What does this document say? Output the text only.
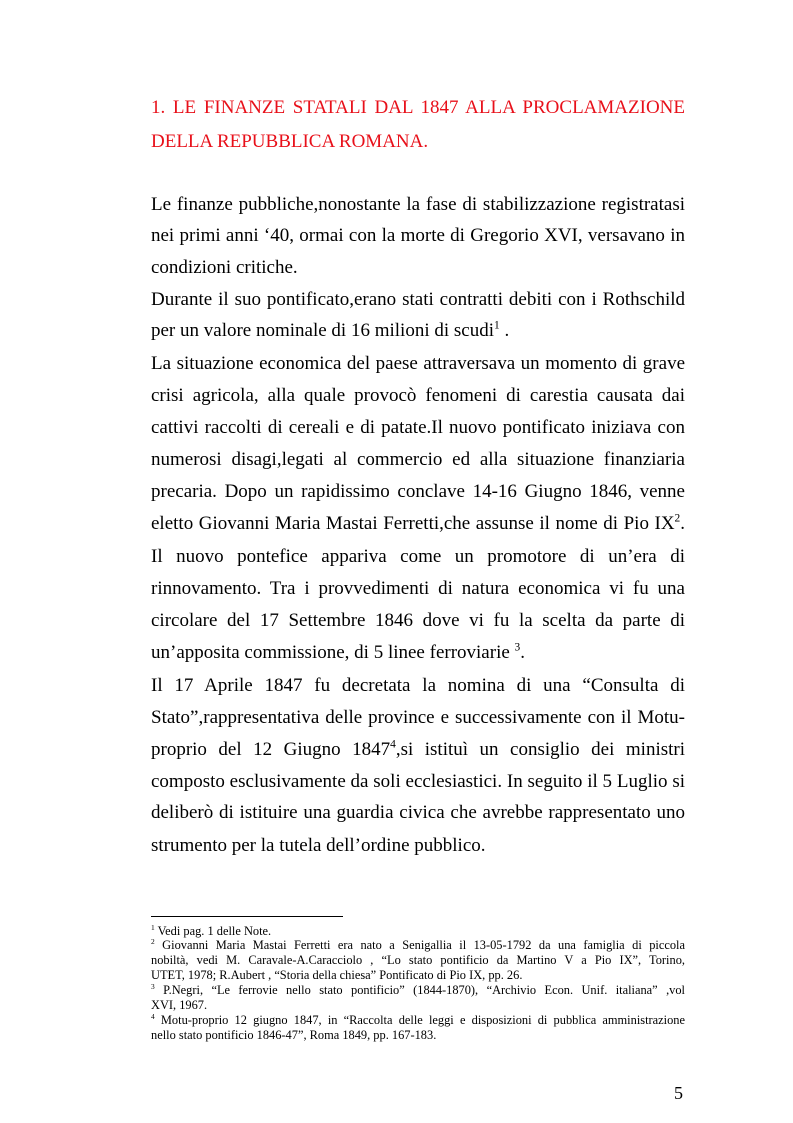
1. LE FINANZE STATALI DAL 1847 ALLA PROCLAMAZIONE
DELLA REPUBBLICA ROMANA.
Le finanze pubbliche,nonostante la fase di stabilizzazione registratasi
nei primi anni ‘40, ormai con la morte di Gregorio XVI, versavano in
condizioni critiche.
Durante il suo pontificato,erano stati contratti debiti con i Rothschild
per un valore nominale di 16 milioni di scudi$^1$ .
La situazione economica del paese attraversava un momento di grave
crisi agricola, alla quale provocò fenomeni di carestia causata dai
cattivi raccolti di cereali e di patate.Il nuovo pontificato iniziava con
numerosi disagi,legati al commercio ed alla situazione finanziaria
precaria. Dopo un rapidissimo conclave 14-16 Giugno 1846, venne
eletto Giovanni Maria Mastai Ferretti,che assunse il nome di Pio $IX^2$.
Il nuovo pontefice appariva come un promotore di un’era di
rinnovamento. Tra i provvedimenti di natura economica vi fu una
circolare del 17 Settembre 1846 dove vi fu la scelta da parte di
un’apposita commissione, di 5 linee ferroviarie $^3$.
Il 17 Aprile 1847 fu decretata la nomina di una “Consulta di
Stato”,rappresentativa delle province e successivamente con il Motu-
proprio del 12 Giugno 1847$^4$,si istituì un consiglio dei ministri
composto esclusivamente da soli ecclesiastici. In seguito il 5 Luglio si
deliberò di istituire una guardia civica che avrebbe rappresentato uno
strumento per la tutela dell’ordine pubblico.
$^1$ Vedi pag. 1 delle Note.
$^2$ Giovanni Maria Mastai Ferretti era nato a Senigallia il 13-05-1792 da una famiglia di piccola
nobiltà, vedi M. Caravale-A.Caracciolo , “Lo stato pontificio da Martino V a Pio IX”, Torino,
UTET, 1978; R.Aubert , “Storia della chiesa” Pontificato di Pio IX, pp. 26.
$^3$ P.Negri, “Le ferrovie nello stato pontificio” (1844-1870), “Archivio Econ. Unif. italiana” ,vol
XVI, 1967.
$^4$ Motu-proprio 12 giugno 1847, in “Raccolta delle leggi e disposizioni di pubblica amministrazione
nello stato pontificio 1846-47”, Roma 1849, pp. 167-183.
5
